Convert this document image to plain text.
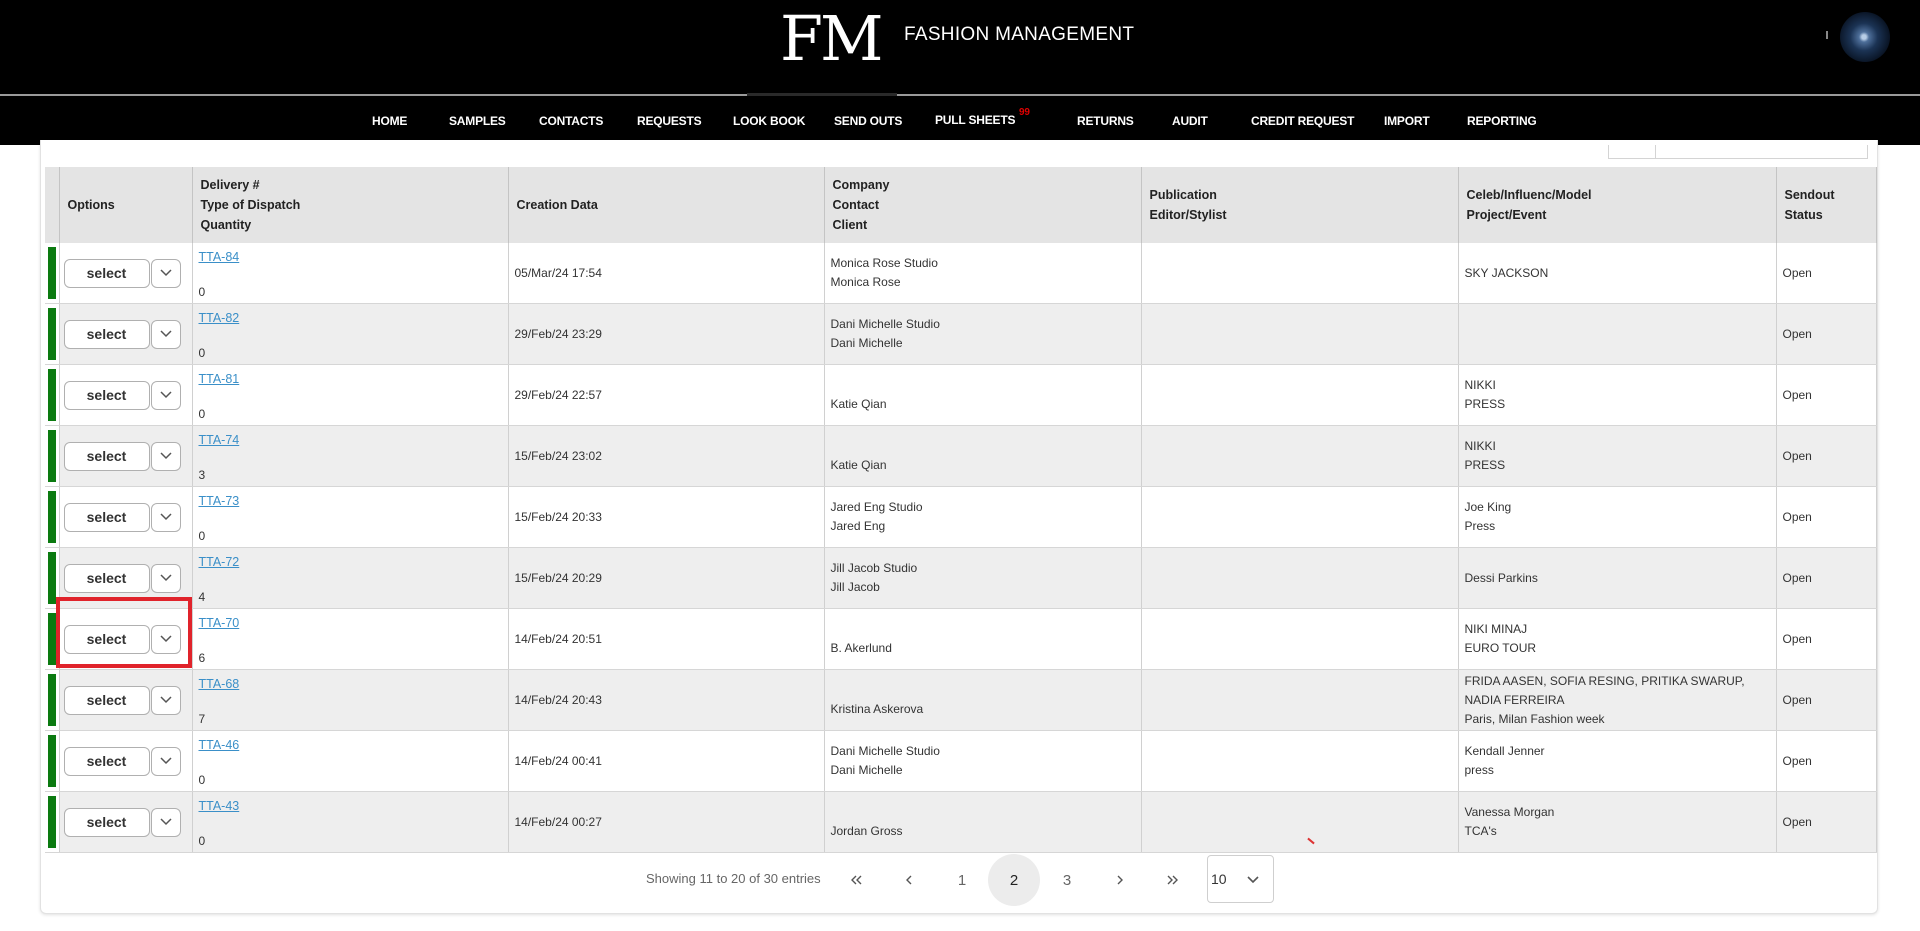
FM FASHION MANAGEMENT
HOME	SAMPLES	CONTACTS	REQUESTS	LOOK BOOK SEND OUTS	PULL SHEETS
99
RETURNS	AUDIT	CREDIT REQUEST IMPORT	REPORTING
	Options	Delivery #
Type of Dispatch
Quantity	Creation Data	Company
Contact
Client	Publication
Editor/Stylist	Celeb/Influenc/Model
Project/Event	Sendout
Status

select	TTA-84
0	05/Mar/24 17:54	Monica Rose Studio
Monica Rose		SKY JACKSON	Open

select	TTA-82
0	29/Feb/24 23:29	Dani Michelle Studio
Dani Michelle			Open

select	TTA-81
0	29/Feb/24 22:57	Katie Qian		NIKKI
PRESS	Open

select	TTA-74
3	15/Feb/24 23:02	Katie Qian		NIKKI
PRESS	Open

select	TTA-73
0	15/Feb/24 20:33	Jared Eng Studio
Jared Eng		Joe King
Press	Open

select	TTA-72
4	15/Feb/24 20:29	Jill Jacob Studio
Jill Jacob		Dessi Parkins	Open

select	TTA-70
6	14/Feb/24 20:51	B. Akerlund		NIKI MINAJ
EURO TOUR	Open

select	TTA-68
7	14/Feb/24 20:43	Kristina Askerova		FRIDA AASEN, SOFIA RESING, PRITIKA SWARUP,
NADIA FERREIRA
Paris, Milan Fashion week	Open

select	TTA-46
0	14/Feb/24 00:41	Dani Michelle Studio
Dani Michelle		Kendall Jenner
press	Open

select	TTA-43
0	14/Feb/24 00:27	Jordan Gross		Vanessa Morgan
TCA's	Open
Showing 11 to 20 of 30 entries	1	2	3	10
